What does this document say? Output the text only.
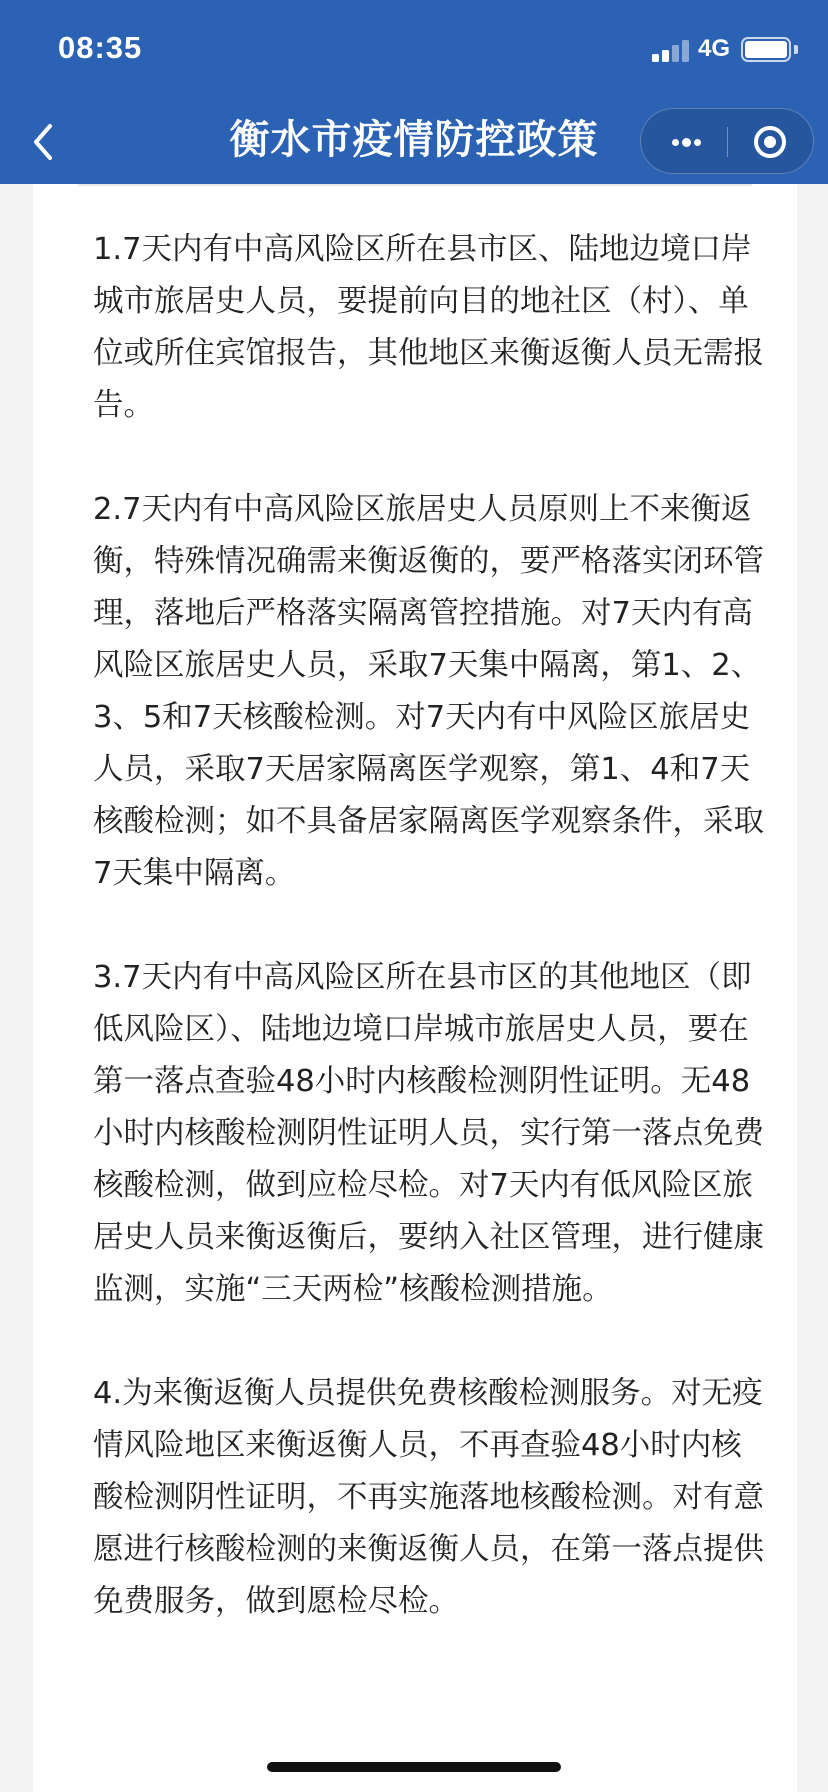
08:35	4G
衡水市疫情防控政策

1.7天内有中高风险区所在县市区、陆地边境口岸城市旅居史人员，要提前向目的地社区（村）、单位或所住宾馆报告，其他地区来衡返衡人员无需报告。

2.7天内有中高风险区旅居史人员原则上不来衡返衡，特殊情况确需来衡返衡的，要严格落实闭环管理，落地后严格落实隔离管控措施。对7天内有高风险区旅居史人员，采取7天集中隔离，第1、2、3、5和7天核酸检测。对7天内有中风险区旅居史人员，采取7天居家隔离医学观察，第1、4和7天核酸检测；如不具备居家隔离医学观察条件，采取7天集中隔离。

3.7天内有中高风险区所在县市区的其他地区（即低风险区）、陆地边境口岸城市旅居史人员，要在第一落点查验48小时内核酸检测阴性证明。无48小时内核酸检测阴性证明人员，实行第一落点免费核酸检测，做到应检尽检。对7天内有低风险区旅居史人员来衡返衡后，要纳入社区管理，进行健康监测，实施“三天两检”核酸检测措施。

4.为来衡返衡人员提供免费核酸检测服务。对无疫情风险地区来衡返衡人员，不再查验48小时内核酸检测阴性证明，不再实施落地核酸检测。对有意愿进行核酸检测的来衡返衡人员，在第一落点提供免费服务，做到愿检尽检。
